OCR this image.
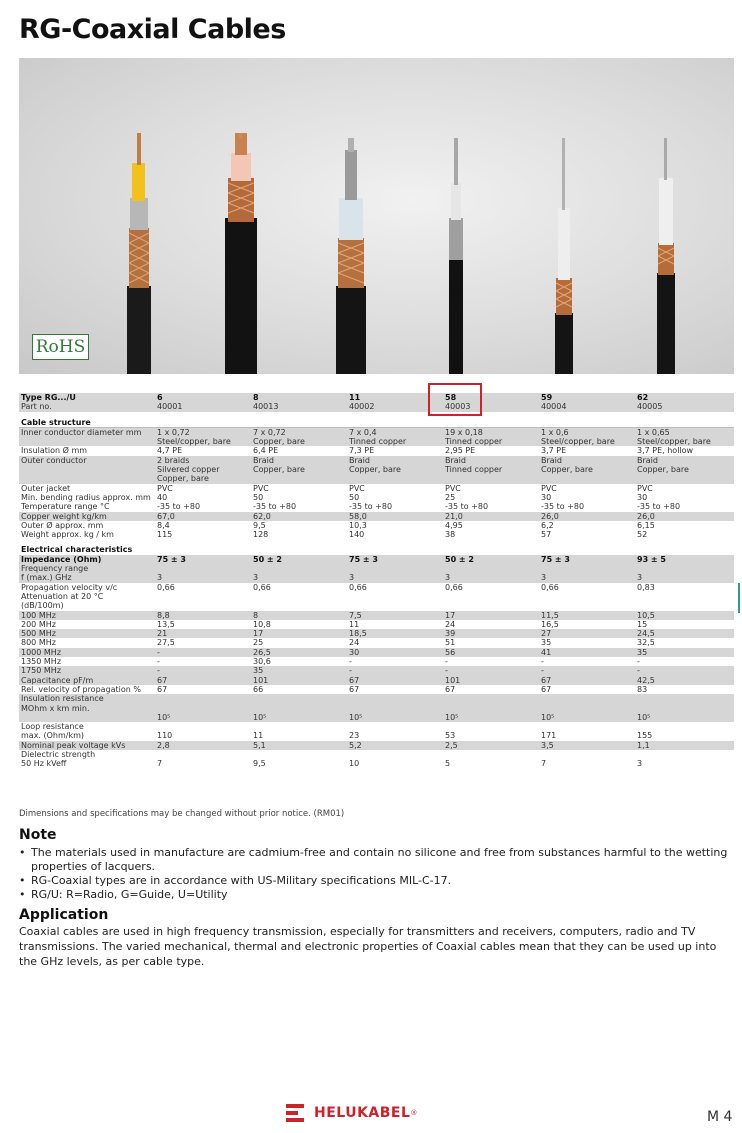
RG-Coaxial Cables
RoHS
Type RG.../U	6	8	11	58	59	62
Part no.	40001	40013	40002	40003	40004	40005

Cable structure						
Inner conductor diameter mm	1 x 0,72	7 x 0,72	7 x 0,4	19 x 0,18	1 x 0,6	1 x 0,65
	Steel/copper, bare	Copper, bare	Tinned copper	Tinned copper	Steel/copper, bare	Steel/copper, bare
Insulation Ø mm	4,7 PE	6,4 PE	7,3 PE	2,95 PE	3,7 PE	3,7 PE, hollow
Outer conductor	2 braids	Braid	Braid	Braid	Braid	Braid
	Silvered copper	Copper, bare	Copper, bare	Tinned copper	Copper, bare	Copper, bare
	Copper, bare					
Outer jacket	PVC	PVC	PVC	PVC	PVC	PVC
Min. bending radius approx. mm	40	50	50	25	30	30
Temperature range °C	-35 to +80	-35 to +80	-35 to +80	-35 to +80	-35 to +80	-35 to +80
Copper weight kg/km	67,0	62,0	58,0	21,0	26,0	26,0
Outer Ø approx. mm	8,4	9,5	10,3	4,95	6,2	6,15
Weight approx. kg / km	115	128	140	38	57	52

Electrical characteristics						
Impedance (Ohm)	75 ± 3	50 ± 2	75 ± 3	50 ± 2	75 ± 3	93 ± 5
Frequency range						
f (max.) GHz	3	3	3	3	3	3
Propagation velocity v/c	0,66	0,66	0,66	0,66	0,66	0,83
Attenuation at 20 °C						
(dB/100m)						
100 MHz	8,8	8	7,5	17	11,5	10,5
200 MHz	13,5	10,8	11	24	16,5	15
500 MHz	21	17	18,5	39	27	24,5
800 MHz	27,5	25	24	51	35	32,5
1000 MHz	-	26,5	30	56	41	35
1350 MHz	-	30,6	-	-	-	-
1750 MHz	-	35	-	-	-	-
Capacitance pF/m	67	101	67	101	67	42,5
Rel. velocity of propagation %	67	66	67	67	67	83
Insulation resistance						
MOhm x km min.						
	10⁵	10⁵	10⁵	10⁵	10⁵	10⁵
Loop resistance						
max. (Ohm/km)	110	11	23	53	171	155
Nominal peak voltage kVs	2,8	5,1	5,2	2,5	3,5	1,1
Dielectric strength						
50 Hz kVeff	7	9,5	10	5	7	3
Dimensions and specifications may be changed without prior notice. (RM01)
Note
• The materials used in manufacture are cadmium-free and contain no silicone and free from substances harmful to the wetting properties of lacquers.
• RG-Coaxial types are in accordance with US-Military specifications MIL-C-17.
• RG/U: R=Radio, G=Guide, U=Utility
Application
Coaxial cables are used in high frequency transmission, especially for transmitters and receivers, computers, radio and TV transmissions. The varied mechanical, thermal and electronic properties of Coaxial cables mean that they can be used up into the GHz levels, as per cable type.
HELUKABEL ®	M 4
